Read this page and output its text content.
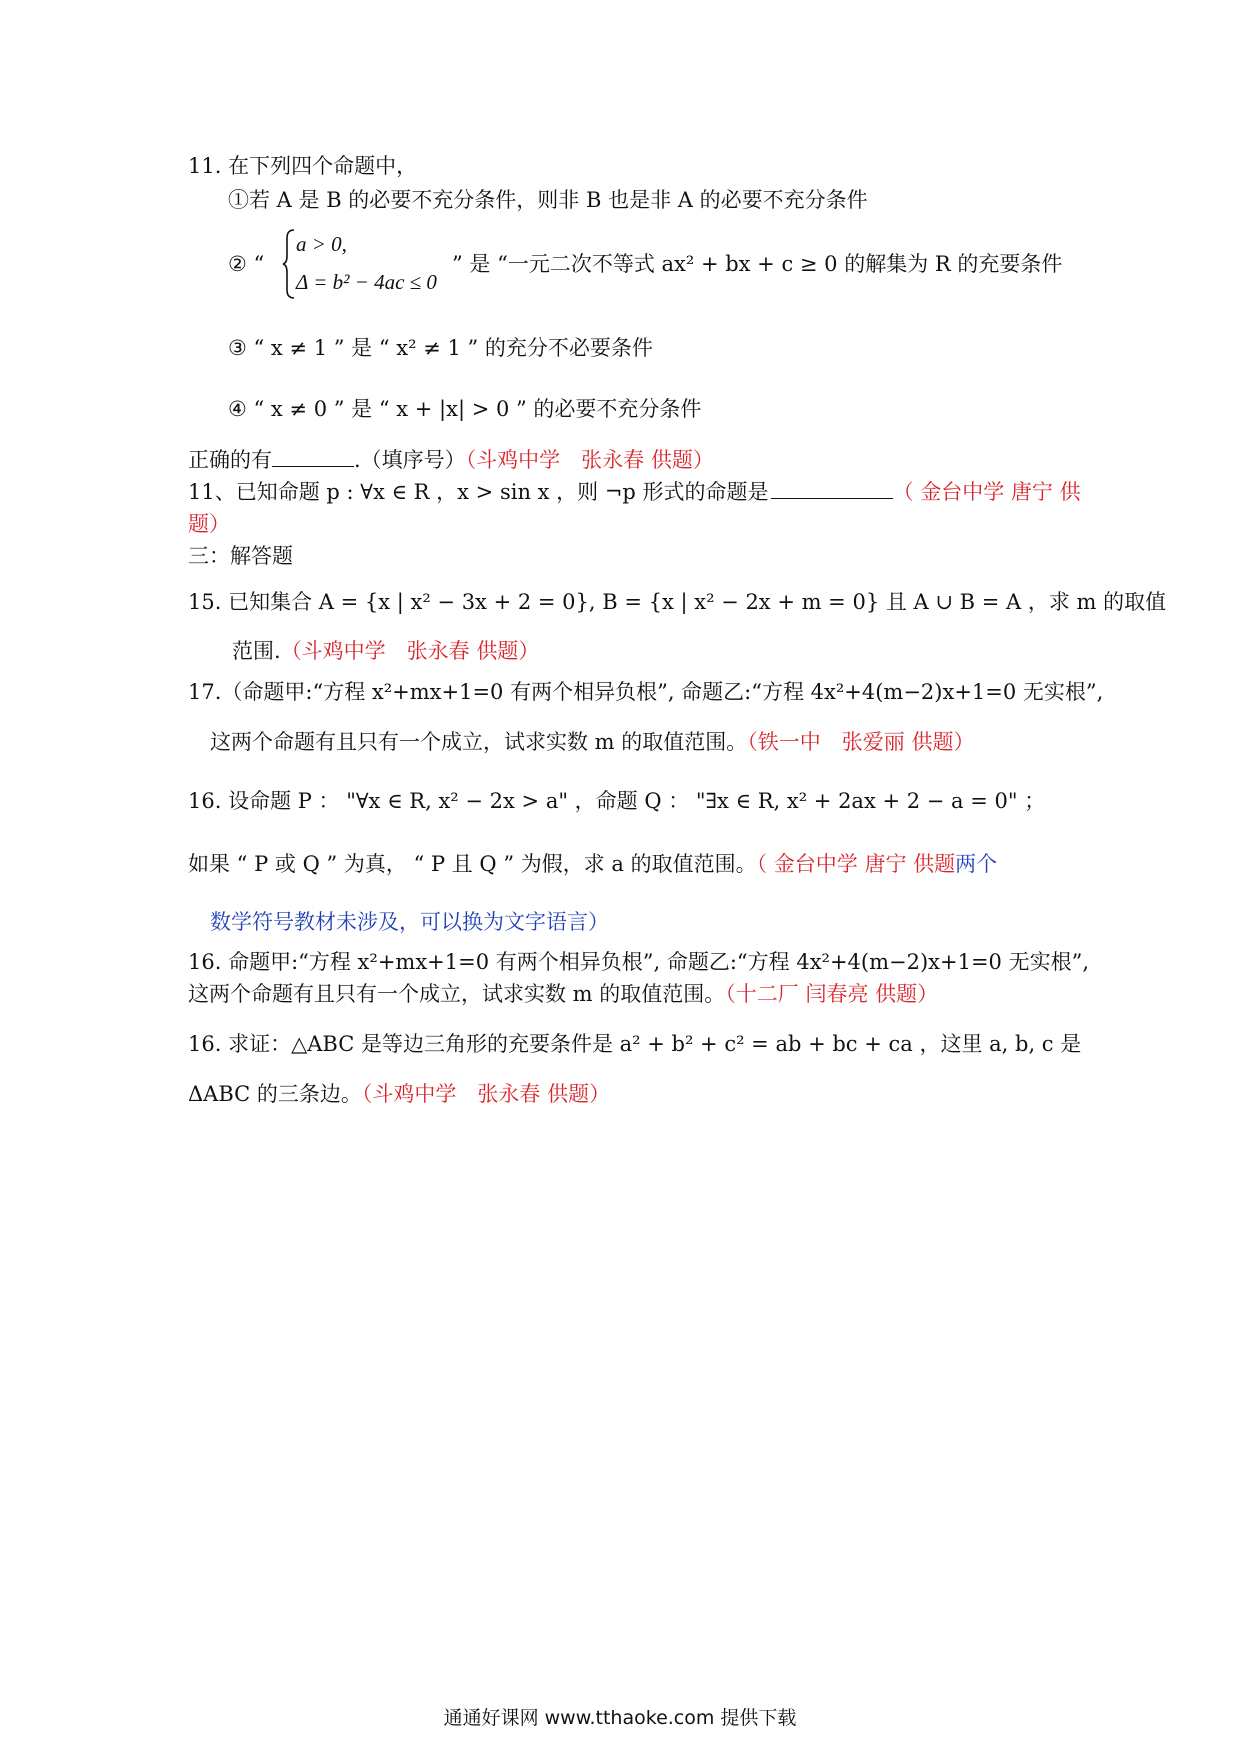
11. 在下列四个命题中，
①若 A 是 B 的必要不充分条件，则非 B 也是非 A 的必要不充分条件
② “
a > 0,
Δ = b² − 4ac ≤ 0
” 是 “一元二次不等式 ax² + bx + c ≥ 0 的解集为 R 的充要条件
③ “ x ≠ 1 ” 是 “ x² ≠ 1 ” 的充分不必要条件
④ “ x ≠ 0 ” 是 “ x + |x| > 0 ” 的必要不充分条件
正确的有	.（填序号）（斗鸡中学　张永春 供题）
11、已知命题 p : ∀x ∈ R ，x > sin x ，则 ¬p 形式的命题是	（ 金台中学 唐宁 供
题）
三：解答题
15. 已知集合 A = {x | x² − 3x + 2 = 0}, B = {x | x² − 2x + m = 0} 且 A ∪ B = A ，求 m 的取值
范围.（斗鸡中学　张永春 供题）
17.（命题甲:“方程 x²+mx+1=0 有两个相异负根”, 命题乙:“方程 4x²+4(m−2)x+1=0 无实根”,
这两个命题有且只有一个成立，试求实数 m 的取值范围。（铁一中　张爱丽 供题）
16. 设命题 P ： "∀x ∈ R, x² − 2x > a" ，命题 Q ： "∃x ∈ R, x² + 2ax + 2 − a = 0" ；
如果 “ P 或 Q ” 为真， “ P 且 Q ” 为假，求 a 的取值范围。（ 金台中学 唐宁 供题两个
数学符号教材未涉及，可以换为文字语言）
16. 命题甲:“方程 x²+mx+1=0 有两个相异负根”, 命题乙:“方程 4x²+4(m−2)x+1=0 无实根”,
这两个命题有且只有一个成立，试求实数 m 的取值范围。（十二厂 闫春亮 供题）
16. 求证：△ABC 是等边三角形的充要条件是 a² + b² + c² = ab + bc + ca ，这里 a, b, c 是
ΔABC 的三条边。（斗鸡中学　张永春 供题）
通通好课网 www.tthaoke.com 提供下载
